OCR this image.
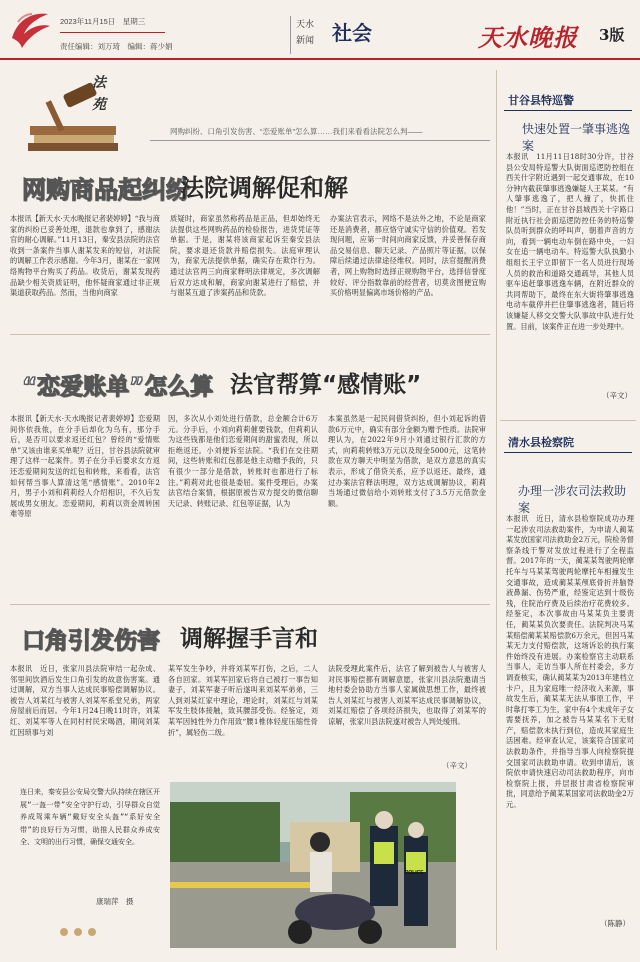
2023年11月15日　星期三
责任编辑：刘万琦　编辑：蒋少娟
天水
新闻 社会	天水晚报 3版
法
苑
网购纠纷、口角引发伤害、“恋爱账单”怎么算……我们来看看法院怎么判——
网购商品起纠纷
法院调解促和解
本报讯【新天水·天水晚报记者裴婷婷】“我与商家的纠纷已妥善处理，退款也拿到了，感谢法官的耐心调解。”11月13日，秦安县法院的法官收到一条案件当事人谢某发来的短信，对法院的调解工作表示感谢。今年3月，谢某在一家网络购物平台购买了药品。收货后，谢某发现药品缺少相关资质证明，他怀疑商家通过非正规渠道获取药品。然而，当他向商家
质疑时，商家虽然称药品是正品，但却始终无法提供这些网购药品的检验报告，进货凭证等单据。于是，谢某将该商家起诉至秦安县法院，要求退还货款并赔偿损失。法庭审理认为，商家无法提供单据，确实存在欺诈行为。通过法官两三向商家释明法律规定，多次调解后双方达成和解，商家向谢某进行了赔偿，并与谢某互道了涉案药品和货款。
办案法官表示，网络不是法外之地，不论是商家还是消费者，都应恪守诚实守信的价值观。若发现问题，应第一时间向商家反馈，并妥善保存商品交易信息、聊天记录、产品照片等证据，以保障后续通过法律途径维权。同时，法官提醒消费者，网上购物时选择正规购物平台，选择信誉度较好、评分指数靠前的经营者，切莫贪图便宜购买价格明显偏离市场价格的产品。
“恋爱账单”怎么算 法官帮算“感情账”
本报讯【新天水·天水晚报记者裴婷婷】恋爱期间你依我侬，在分手后却化为乌有，那分手后，是否可以要求返还红包？曾经的“爱情账单”又该由谁来买单呢？近日，甘谷县法院就审理了这样一起案件。男子在分手后要求女方返还恋爱期间发送的红包和转账，来看看，法官如何帮当事人算清这笔“感情账”。2010年2月，男子小刘和莉莉经人介绍相识，不久后发展成男女朋友。恋爱期间，莉莉以资金周转困难等原
因，多次从小刘处进行借款，总金额合计6万元。分手后，小刘向莉莉催要钱款，但莉莉认为这些钱都是他们恋爱期间的甜蜜表现，所以拒绝返还。小刘便诉至法院。“我们在交往期间，这些转账和红包都是他主动赠予我的，只有很少一部分是借款，转账时也都进行了标注。”莉莉对此也很是委屈。案件受理后，办案法官结合案情，根据原被告双方提交的微信聊天记录、转账记录、红包等证据，认为
本案虽然是一起民间借贷纠纷，但小刘起诉的借款6万元中，确实有部分金额为赠予性质。法院审理认为，在2022年9月小刘通过银行汇款的方式，向莉莉转账3万元以及现金5000元，这笔转款在双方聊天中明显为借款，是双方意思的真实表示，形成了借贷关系，应予以返还。最终，通过办案法官释法明理，双方达成调解协议，莉莉当场通过微信给小刘转账支付了3.5万元借款金额。
口角引发伤害 调解握手言和
本报讯　近日，张家川县法院审结一起杂成、邻里间饮酒后发生口角引发的故意伤害案。通过调解，双方当事人达成民事赔偿调解协议。被告人刘某红与被害人刘某军系堂兄弟，两家房屋前后而居。今年1月24日晚11时许，刘某红、刘某军等人在同村村民宋喝酒，期间刘某红因琐事与刘
某军发生争吵，并将刘某军打伤，之后，二人各自回家。刘某军回家后将自己被打一事告知妻子，刘某军妻子听后遂叫来刘某军弟弟，三人到刘某红家中理论，理论时，刘某红与刘某军发生肢体接触，致其腰部受伤。经鉴定，刘某军因钝性外力作用致“腰1椎体轻度压缩性骨折”，属轻伤二级。
法院受理此案件后，法官了解到被告人与被害人对民事赔偿都有调解意愿，张家川县法院邀请当地村委会协助方当事人家属做思想工作，最终被告人刘某红与被害人刘某军达成民事调解协议，刘某红赔偿了各项经济损失，也取得了刘某军的谅解，张家川县法院遂对被告人判处缓刑。
（辛文）
连日来，秦安县公安局交警大队持续在辖区开展“一盔一带”安全守护行动，引导群众自觉养成驾乘车辆“戴好安全头盔”“系好安全带”的良好行为习惯，助推人民群众养成安全、文明的出行习惯，确保交通安全。
康瑞萍　摄
POLICE
甘谷县特巡警
快速处置一肇事逃逸案
本报讯　11月11日18时30分许，甘谷县公安局特巡警大队街面巡逻防控组在西关什字附近遇到一起交通事故，在10分钟内截获肇事逃逸嫌疑人王某某。“有人肇事逃逸了，把人撞了，快抓住他！”当时，正在甘谷县城西关十字路口附近执行社会面巡逻防控任务的特巡警队员听到群众的呼叫声，朝着声音的方向，看到一辆电动车倒在路中央，一妇女在追一辆电动车。特巡警大队执勤小组组长王宇立即留下一名人员进行现场人员的救治和道路交通疏导，其他人员驱车追赶肇事逃逸车辆，在附近群众的共同帮助下，最终在东大街将肇事逃逸电动车截停并拦住肇事逃逸者，随后将该嫌疑人移交交警大队事故中队进行处置。目前，该案件正在进一步处理中。
（辛文）
清水县检察院
办理一涉农司法救助案
本报讯　近日，清水县检察院成功办理一起涉农司法救助案件，为申请人蔺某某发放国家司法救助金2万元，院检务督察条线干警对发放过程进行了全程监督。2017年的一天，蔺某某驾驶两轮摩托车与马某某驾驶两轮摩托车相撞发生交通事故，造成蔺某某颅底骨折并脑脊液鼻漏、伤势严重，经鉴定达到十级伤残，住院治疗费及后续治疗花费较多。经鉴定，本次事故由马某某负主要责任，蔺某某负次要责任。法院判决马某某赔偿蔺某某赔偿款6万余元，但因马某某无力支付赔偿款，这场诉讼的执行案件始终没有进展。办案检察官主动联系当事人，走访当事人所在村委会，多方调查核实，确认蔺某某为2013年建档立卡户，且为家庭唯一经济收入来源，事故发生后，蔺某某无法从事原工作，平时靠打零工为生，家中有4个未成年子女需要抚养，加之被告马某某名下无财产，赔偿款未执行到位，造成其家庭生活困难。经审查认定，该案符合国家司法救助条件，并指导当事人向检察院提交国家司法救助申请。收到申请后，该院依申请快速启动司法救助程序，向市检察院上报，并层报甘肃省检察院审批，同意给予蔺某某国家司法救助金2万元。
（陈静）
